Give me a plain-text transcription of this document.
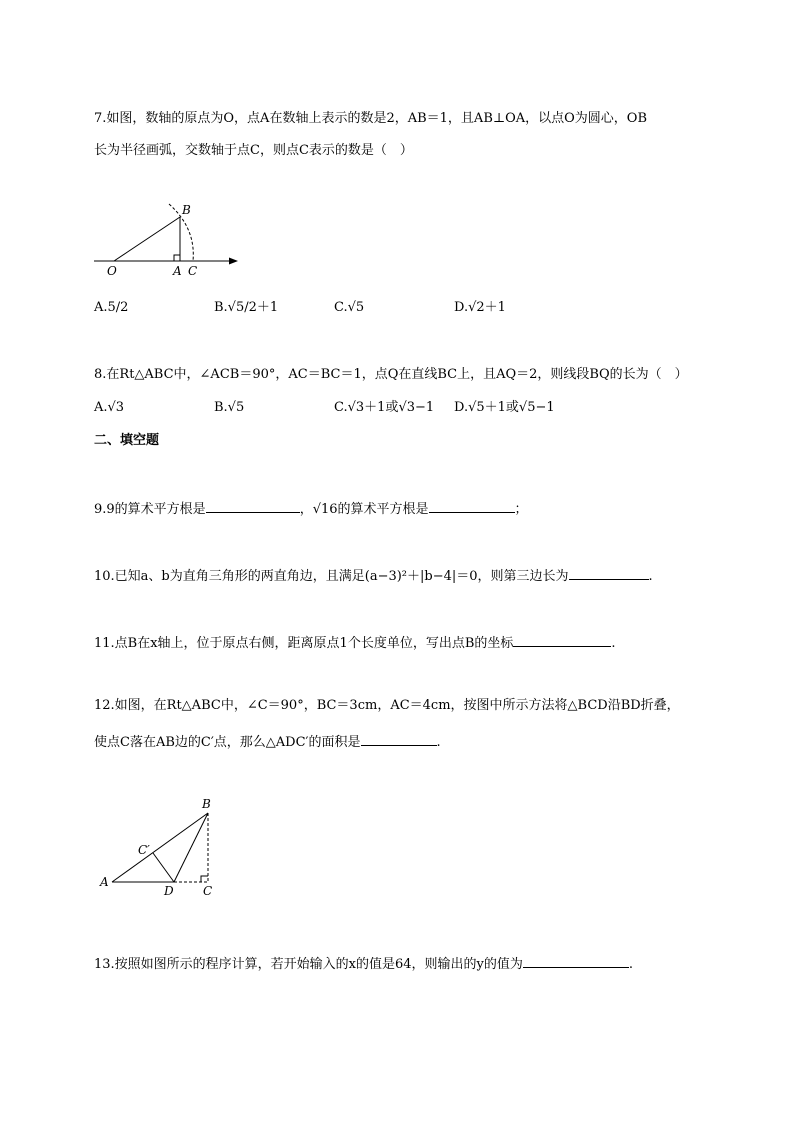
7.如图，数轴的原点为O，点A在数轴上表示的数是2，AB＝1，且AB⊥OA，以点O为圆心，OB
长为半径画弧，交数轴于点C，则点C表示的数是（　）
B
O	A C
A.5/2	B.√5/2＋1	C.√5	D.√2＋1
8.在Rt△ABC中，∠ACB＝90°，AC＝BC＝1，点Q在直线BC上，且AQ＝2，则线段BQ的长为（　）
A.√3	B.√5	C.√3＋1或√3−1 D.√5＋1或√5−1
二、填空题
9.9的算术平方根是	，√16的算术平方根是	；
10.已知a、b为直角三角形的两直角边，且满足(a−3)²＋|b−4|＝0，则第三边长为	.
11.点B在x轴上，位于原点右侧，距离原点1个长度单位，写出点B的坐标	.
12.如图，在Rt△ABC中，∠C＝90°，BC＝3cm，AC＝4cm，按图中所示方法将△BCD沿BD折叠，
使点C落在AB边的C′点，那么△ADC′的面积是	.
B
C′
A
D C
13.按照如图所示的程序计算，若开始输入的x的值是64，则输出的y的值为	.
